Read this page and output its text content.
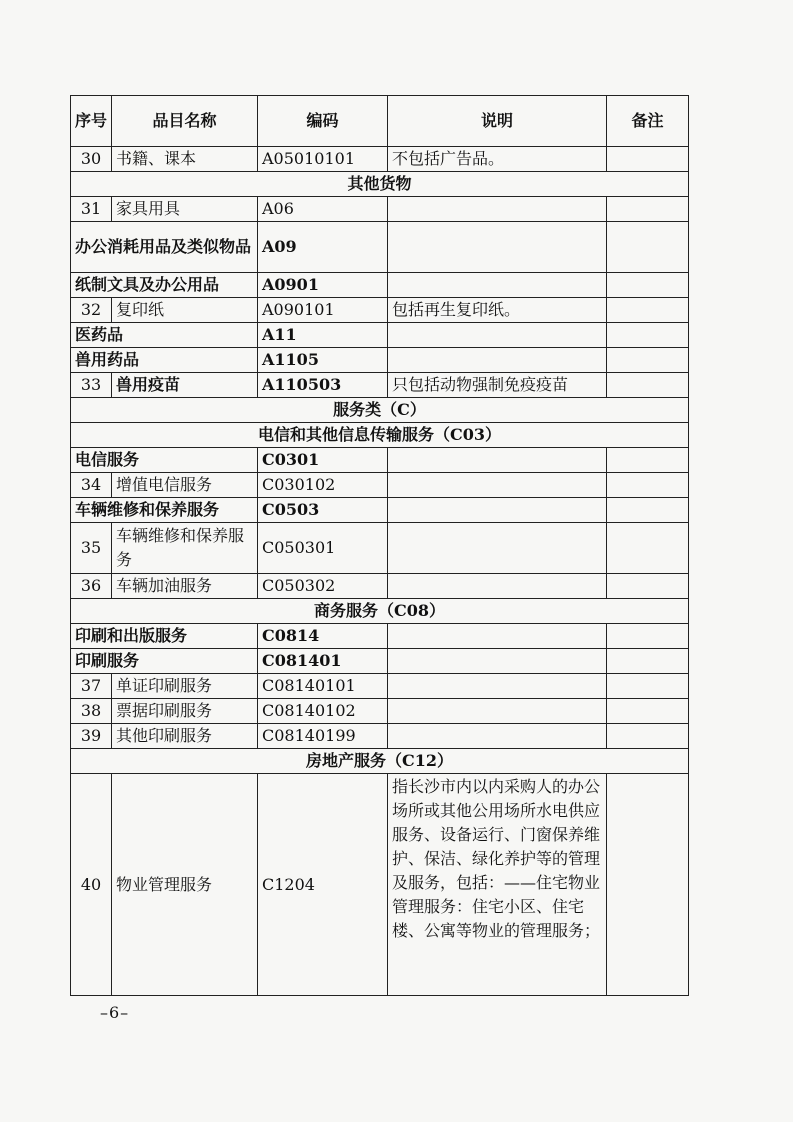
序号	品目名称	编码	说明	备注
30	书籍、课本	A05010101	不包括广告品。	
其他货物				
31	家具用具	A06		
办公消耗用品及类似物品		A09		
纸制文具及办公用品		A0901		
32	复印纸	A090101	包括再生复印纸。	
医药品		A11		
兽用药品		A1105		
33	兽用疫苗	A110503	只包括动物强制免疫疫苗	
服务类（C）				
电信和其他信息传输服务（C03）				
电信服务		C0301		
34	增值电信服务	C030102		
车辆维修和保养服务		C0503		
35	车辆维修和保养服务	C050301		
36	车辆加油服务	C050302		
商务服务（C08）				
印刷和出版服务		C0814		
印刷服务		C081401		
37	单证印刷服务	C08140101		
38	票据印刷服务	C08140102		
39	其他印刷服务	C08140199		
房地产服务（C12）				
40	物业管理服务	C1204	指长沙市内以内采购人的办公场所或其他公用场所水电供应服务、设备运行、门窗保养维护、保洁、绿化养护等的管理及服务，包括：——住宅物业管理服务：住宅小区、住宅楼、公寓等物业的管理服务；	
–6–
